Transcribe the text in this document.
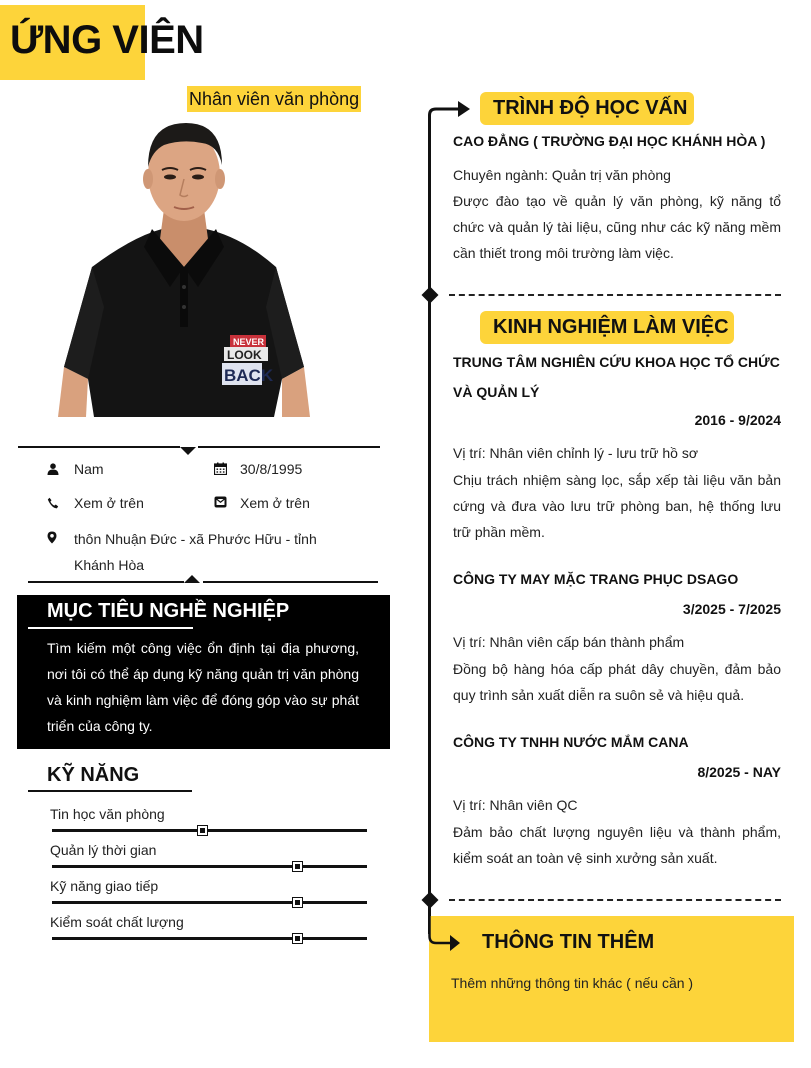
ỨNG VIÊN
Nhân viên văn phòng
NEVER
LOOK
BACK
Nam	30/8/1995
Xem ở trên	Xem ở trên
thôn Nhuận Đức - xã Phước Hữu - tỉnh Khánh Hòa
MỤC TIÊU NGHỀ NGHIỆP
Tìm kiếm một công việc ổn định tại địa phương, nơi tôi có thể áp dụng kỹ năng quản trị văn phòng và kinh nghiệm làm việc để đóng góp vào sự phát triển của công ty.
KỸ NĂNG
Tin học văn phòng
Quản lý thời gian
Kỹ năng giao tiếp
Kiểm soát chất lượng
TRÌNH ĐỘ HỌC VẤN
CAO ĐẲNG ( TRƯỜNG ĐẠI HỌC KHÁNH HÒA )
Chuyên ngành: Quản trị văn phòng
Được đào tạo về quản lý văn phòng, kỹ năng tổ chức và quản lý tài liệu, cũng như các kỹ năng mềm cần thiết trong môi trường làm việc.
KINH NGHIỆM LÀM VIỆC
TRUNG TÂM NGHIÊN CỨU KHOA HỌC TỔ CHỨC VÀ QUẢN LÝ
2016 - 9/2024
Vị trí: Nhân viên chỉnh lý - lưu trữ hồ sơ
Chịu trách nhiệm sàng lọc, sắp xếp tài liệu văn bản cứng và đưa vào lưu trữ phòng ban, hệ thống lưu trữ phần mềm.
CÔNG TY MAY MẶC TRANG PHỤC DSAGO
3/2025 - 7/2025
Vị trí: Nhân viên cấp bán thành phẩm
Đồng bộ hàng hóa cấp phát dây chuyền, đảm bảo quy trình sản xuất diễn ra suôn sẻ và hiệu quả.
CÔNG TY TNHH NƯỚC MẮM CANA
8/2025 - NAY
Vị trí: Nhân viên QC
Đảm bảo chất lượng nguyên liệu và thành phẩm, kiểm soát an toàn vệ sinh xưởng sản xuất.
THÔNG TIN THÊM
Thêm những thông tin khác ( nếu cần )
